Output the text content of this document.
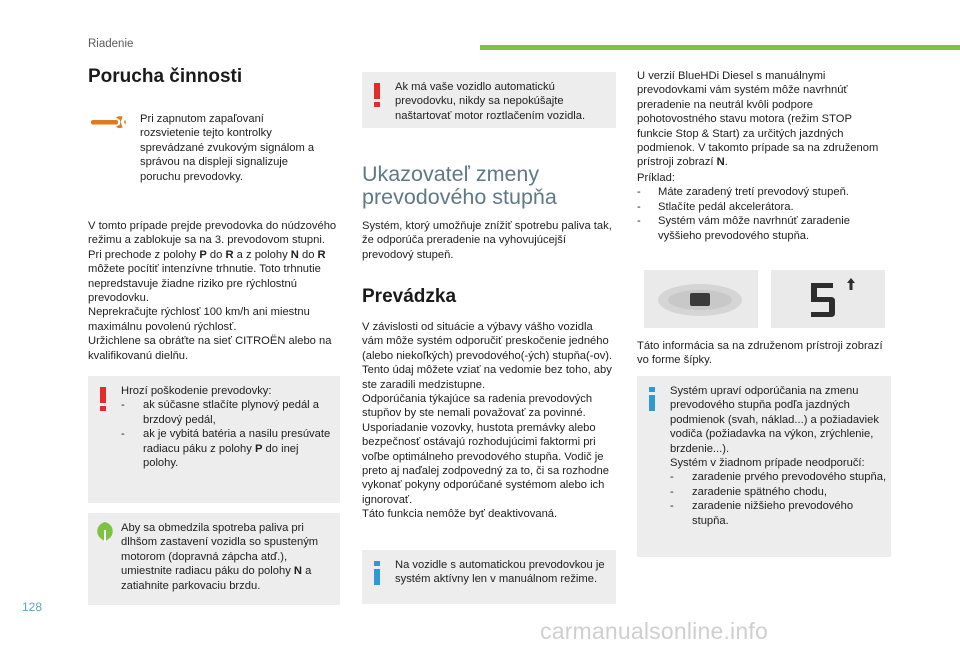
Riadenie
Porucha činnosti
Pri zapnutom zapaľovaní rozsvietenie tejto kontrolky sprevádzané zvukovým signálom a správou na displeji signalizuje poruchu prevodovky.

V tomto prípade prejde prevodovka do núdzového režimu a zablokuje sa na 3. prevodovom stupni. Pri prechode z polohy P do R a z polohy N do R môžete pocítiť intenzívne trhnutie. Toto trhnutie nepredstavuje žiadne riziko pre rýchlostnú prevodovku.

Neprekračujte rýchlosť 100 km/h ani miestnu maximálnu povolenú rýchlosť.

Uržichlene sa obráťte na sieť CITROËN alebo na kvalifikovanú dielňu.

Hrozí poškodenie prevodovky:

- ak súčasne stlačíte plynový pedál a brzdový pedál,
- ak je vybitá batéria a nasilu presúvate radiacu páku z polohy P do inej polohy.

Aby sa obmedzila spotreba paliva pri dlhšom zastavení vozidla so spusteným motorom (dopravná zápcha atď.), umiestnite radiacu páku do polohy N a zatiahnite parkovaciu brzdu.

Ak má vaše vozidlo automatickú prevodovku, nikdy sa nepokúšajte naštartovať motor roztlačením vozidla.

Ukazovateľ zmeny prevodového stupňa
Systém, ktorý umožňuje znížiť spotrebu paliva tak, že odporúča preradenie na vyhovujúcejší prevodový stupeň.
Prevádzka

V závislosti od situácie a výbavy vášho vozidla vám môže systém odporučiť preskočenie jedného (alebo niekoľkých) prevodového(-ých) stupňa(-ov). Tento údaj môžete vziať na vedomie bez toho, aby ste zaradili medzistupne.

Odporúčania týkajúce sa radenia prevodových stupňov by ste nemali považovať za povinné. Usporiadanie vozovky, hustota premávky alebo bezpečnosť ostávajú rozhodujúcimi faktormi pri voľbe optimálneho prevodového stupňa. Vodič je preto aj naďalej zodpovedný za to, či sa rozhodne vykonať pokyny odporúčané systémom alebo ich ignorovať.

Táto funkcia nemôže byť deaktivovaná.

Na vozidle s automatickou prevodovkou je systém aktívny len v manuálnom režime.

U verzií BlueHDi Diesel s manuálnymi prevodovkami vám systém môže navrhnúť preradenie na neutrál kvôli podpore pohotovostného stavu motora (režim STOP funkcie Stop & Start) za určitých jazdných podmienok. V takomto prípade sa na združenom prístroji zobrazí N.

Príklad:

- Máte zaradený tretí prevodový stupeň.
- Stlačíte pedál akcelerátora.
- Systém vám môže navrhnúť zaradenie vyššieho prevodového stupňa.
Táto informácia sa na združenom prístroji zobrazí vo forme šípky.

Systém upraví odporúčania na zmenu prevodového stupňa podľa jazdných podmienok (svah, náklad...) a požiadaviek vodiča (požiadavka na výkon, zrýchlenie, brzdenie...).

Systém v žiadnom prípade neodporučí:

- zaradenie prvého prevodového stupňa,
- zaradenie spätného chodu,
- zaradenie nižšieho prevodového stupňa.
128
carmanualsonline.info
